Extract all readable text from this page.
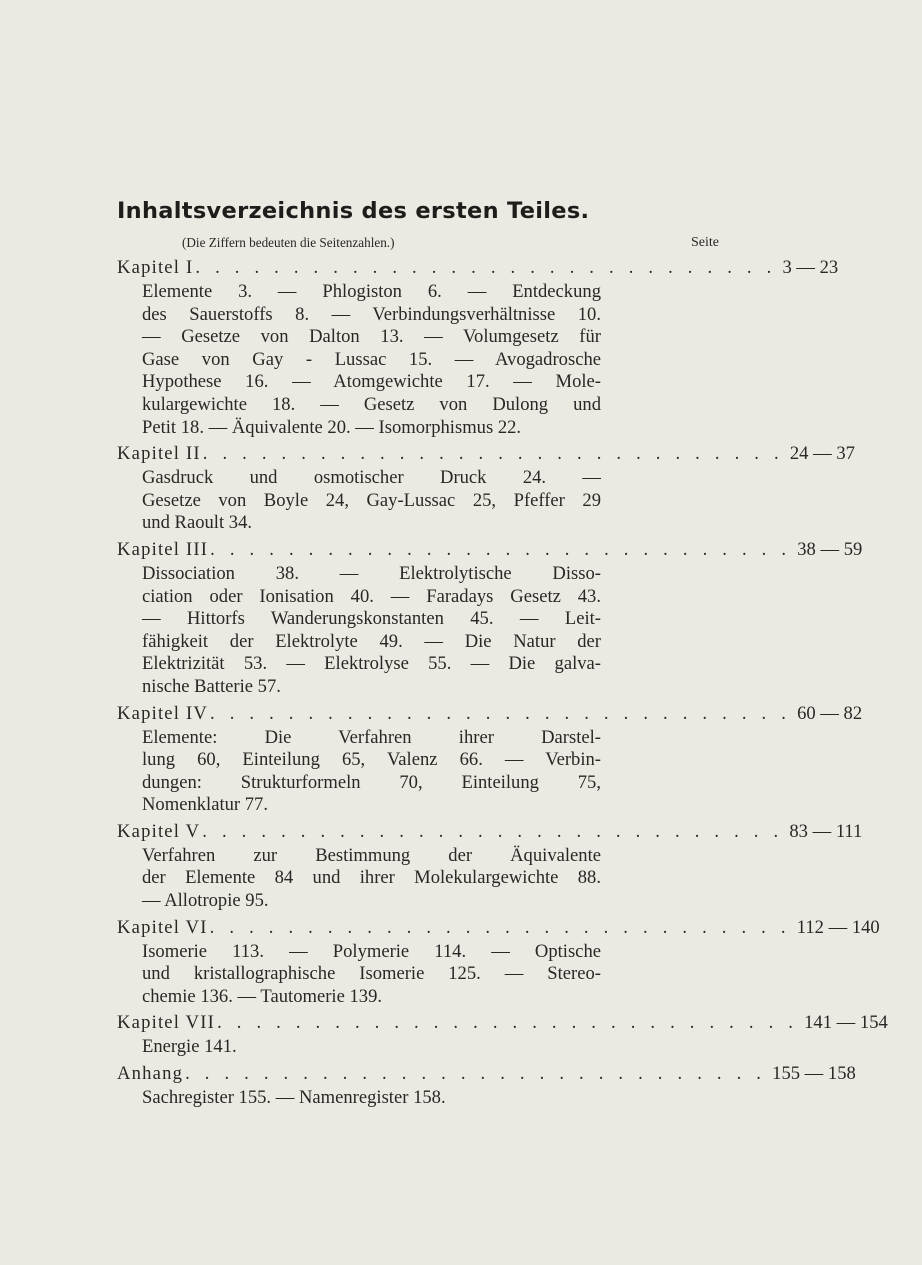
Inhaltsverzeichnis des ersten Teiles.
(Die Ziffern bedeuten die Seitenzahlen.)	Seite
Kapitel I . . . . . . . . . . . . . . . . . . . . . . . . . . . . . . 3 — 23
Elemente 3. — Phlogiston 6. — Entdeckung
des Sauerstoffs 8. — Verbindungsverhältnisse 10.
— Gesetze von Dalton 13. — Volumgesetz für
Gase von Gay - Lussac 15. — Avogadrosche
Hypothese 16. — Atomgewichte 17. — Mole-
kulargewichte 18. — Gesetz von Dulong und
Petit 18. — Äquivalente 20. — Isomorphismus 22.
Kapitel II . . . . . . . . . . . . . . . . . . . . . . . . . . . . . . 24 — 37
Gasdruck und osmotischer Druck 24. —
Gesetze von Boyle 24, Gay-Lussac 25, Pfeffer 29
und Raoult 34.
Kapitel III . . . . . . . . . . . . . . . . . . . . . . . . . . . . . . 38 — 59
Dissociation 38. — Elektrolytische Disso-
ciation oder Ionisation 40. — Faradays Gesetz 43.
— Hittorfs Wanderungskonstanten 45. — Leit-
fähigkeit der Elektrolyte 49. — Die Natur der
Elektrizität 53. — Elektrolyse 55. — Die galva-
nische Batterie 57.
Kapitel IV . . . . . . . . . . . . . . . . . . . . . . . . . . . . . . 60 — 82
Elemente: Die Verfahren ihrer Darstel-
lung 60, Einteilung 65, Valenz 66. — Verbin-
dungen: Strukturformeln 70, Einteilung 75,
Nomenklatur 77.
Kapitel V . . . . . . . . . . . . . . . . . . . . . . . . . . . . . . 83 — 111
Verfahren zur Bestimmung der Äquivalente
der Elemente 84 und ihrer Molekulargewichte 88.
— Allotropie 95.
Kapitel VI . . . . . . . . . . . . . . . . . . . . . . . . . . . . . . 112 — 140
Isomerie 113. — Polymerie 114. — Optische
und kristallographische Isomerie 125. — Stereo-
chemie 136. — Tautomerie 139.
Kapitel VII . . . . . . . . . . . . . . . . . . . . . . . . . . . . . . 141 — 154
Energie 141.
Anhang . . . . . . . . . . . . . . . . . . . . . . . . . . . . . . 155 — 158
Sachregister 155. — Namenregister 158.
